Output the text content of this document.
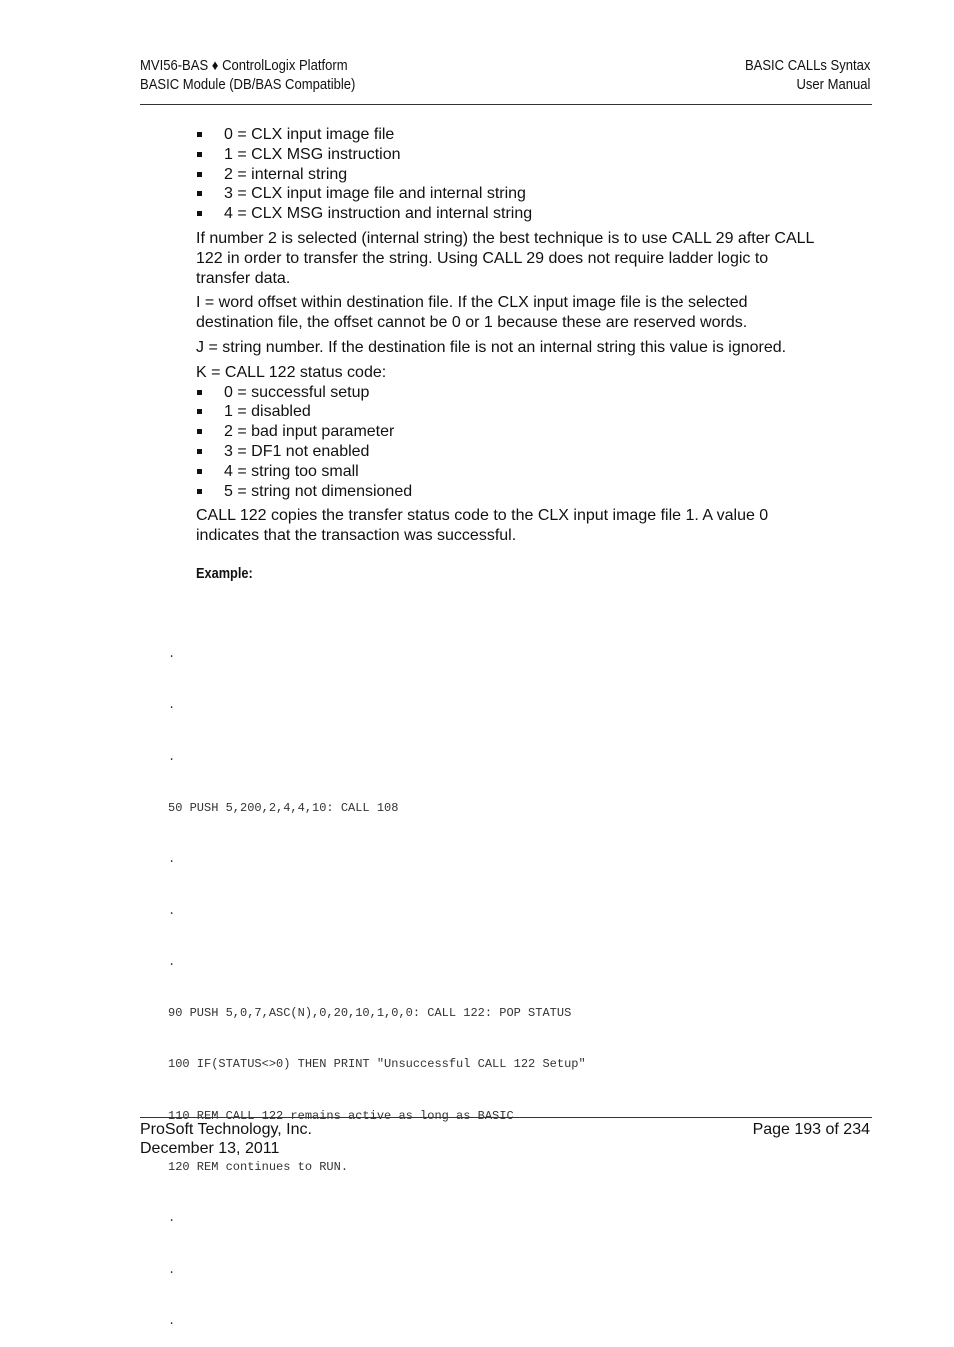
MVI56-BAS ♦ ControlLogix Platform
BASIC Module (DB/BAS Compatible)
BASIC CALLs Syntax
User Manual
0 = CLX input image file
1 = CLX MSG instruction
2 = internal string
3 = CLX input image file and internal string
4 = CLX MSG instruction and internal string

If number 2 is selected (internal string) the best technique is to use CALL 29 after CALL 122 in order to transfer the string. Using CALL 29 does not require ladder logic to transfer data.

I = word offset within destination file. If the CLX input image file is the selected destination file, the offset cannot be 0 or 1 because these are reserved words.

J = string number. If the destination file is not an internal string this value is ignored.

K = CALL 122 status code:

0 = successful setup
1 = disabled
2 = bad input parameter
3 = DF1 not enabled
4 = string too small
5 = string not dimensioned

CALL 122 copies the transfer status code to the CLX input image file 1. A value 0 indicates that the transaction was successful.

Example:

.

.

.

50 PUSH 5,200,2,4,4,10: CALL 108

.

.

.

90 PUSH 5,0,7,ASC(N),0,20,10,1,0,0: CALL 122: POP STATUS

100 IF(STATUS<>0) THEN PRINT "Unsuccessful CALL 122 Setup"

110 REM CALL 122 remains active as long as BASIC

120 REM continues to RUN.

.

.

.

ProSoft Technology, Inc.
December 13, 2011
Page 193 of 234
